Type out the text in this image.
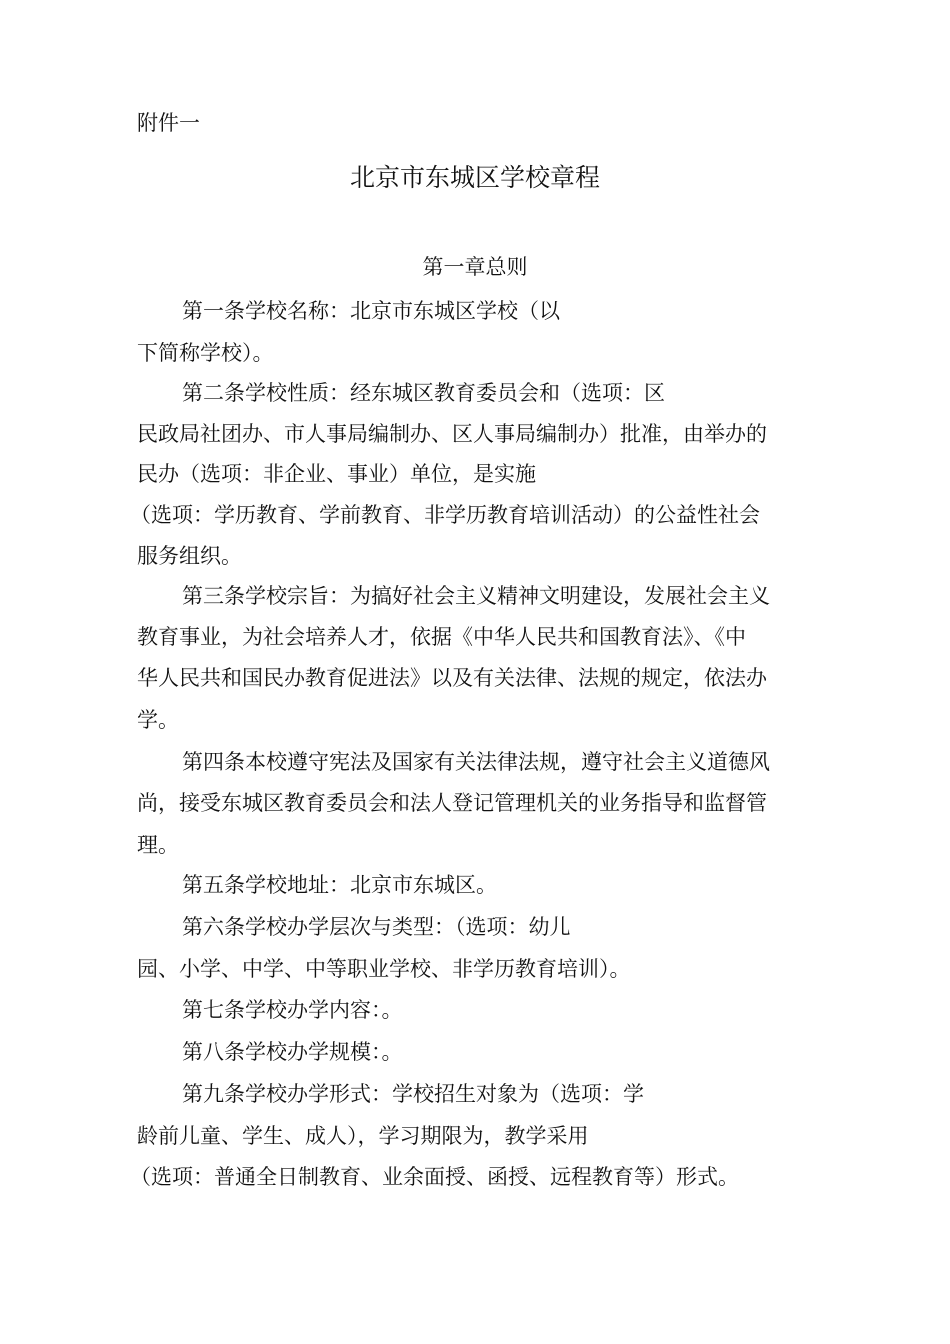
附件一
北京市东城区学校章程
第一章总则
第一条学校名称：北京市东城区学校（以
下简称学校）。
第二条学校性质：经东城区教育委员会和（选项：区
民政局社团办、市人事局编制办、区人事局编制办）批准，由举办的
民办（选项：非企业、事业）单位，是实施
（选项：学历教育、学前教育、非学历教育培训活动）的公益性社会
服务组织。
第三条学校宗旨：为搞好社会主义精神文明建设，发展社会主义
教育事业，为社会培养人才，依据《中华人民共和国教育法》、《中
华人民共和国民办教育促进法》以及有关法律、法规的规定，依法办
学。
第四条本校遵守宪法及国家有关法律法规，遵守社会主义道德风
尚，接受东城区教育委员会和法人登记管理机关的业务指导和监督管
理。
第五条学校地址：北京市东城区。
第六条学校办学层次与类型：（选项：幼儿
园、小学、中学、中等职业学校、非学历教育培训）。
第七条学校办学内容：。
第八条学校办学规模：。
第九条学校办学形式：学校招生对象为（选项：学
龄前儿童、学生、成人），学习期限为，教学采用
（选项：普通全日制教育、业余面授、函授、远程教育等）形式。
